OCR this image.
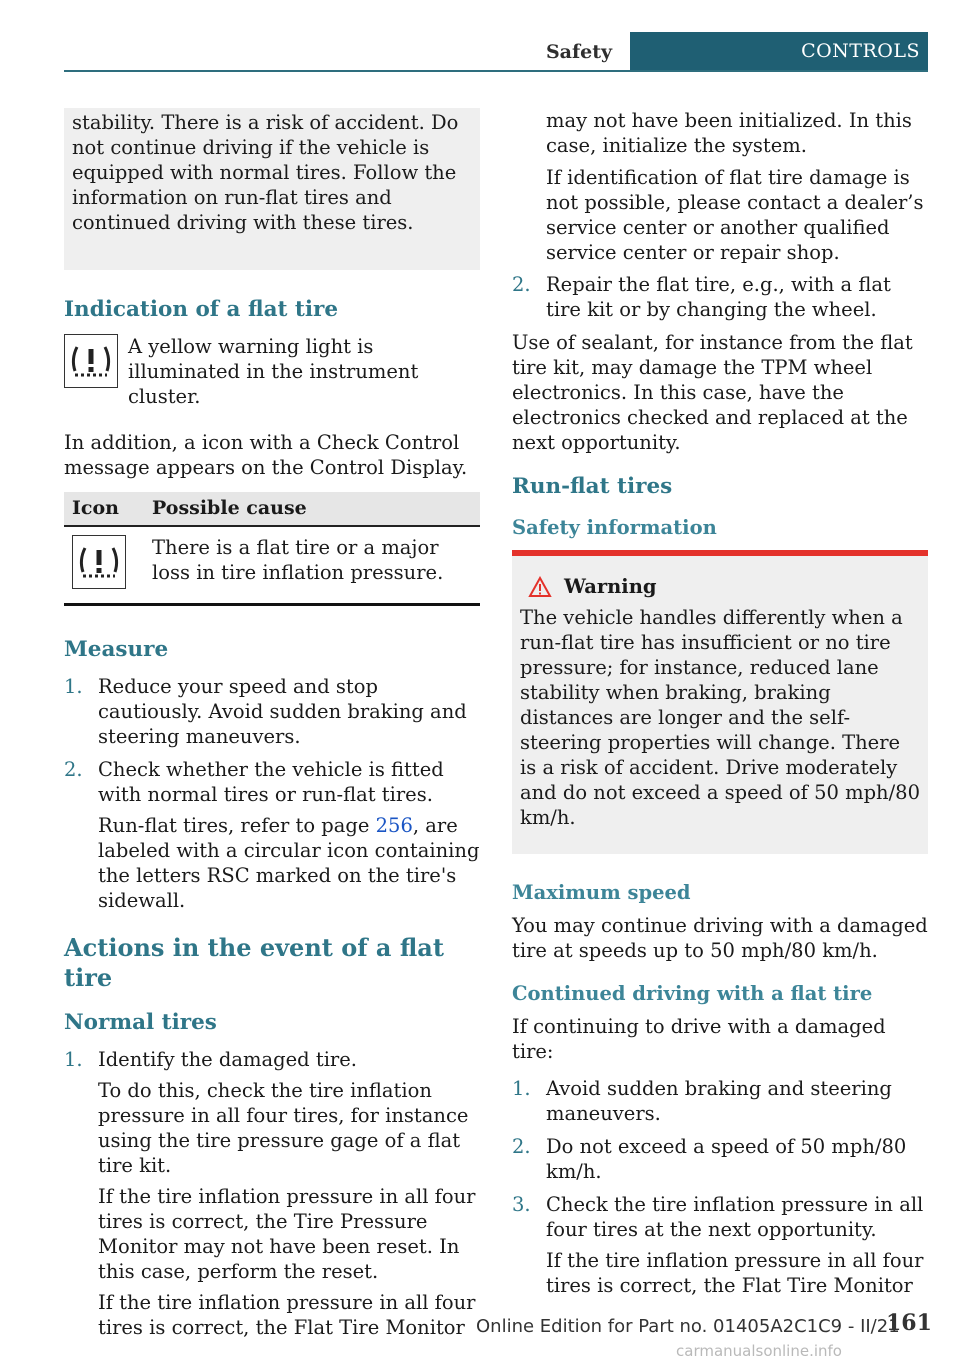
Safety	CONTROLS

stability. There is a risk of accident. Do not continue driving if the vehicle is equipped with normal tires. Follow the information on run-flat tires and continued driving with these tires.

Indication of a flat tire

A yellow warning light is illuminated in the instrument cluster.

In addition, a icon with a Check Control message appears on the Control Display.

Icon	Possible cause

	There is a flat tire or a major loss in tire inflation pressure.
Measure
1. Reduce your speed and stop cautiously. Avoid sudden braking and steering maneuvers.
2. Check whether the vehicle is fitted with normal tires or run-flat tires.
Run-flat tires, refer to page 256, are labeled with a circular icon containing the letters RSC marked on the tire's sidewall.
Actions in the event of a flat tire
Normal tires
1. Identify the damaged tire.
To do this, check the tire inflation pressure in all four tires, for instance using the tire pressure gage of a flat tire kit.
If the tire inflation pressure in all four tires is correct, the Tire Pressure Monitor may not have been reset. In this case, perform the reset.
If the tire inflation pressure in all four tires is correct, the Flat Tire Monitor

may not have been initialized. In this case, initialize the system.

If identification of flat tire damage is not possible, please contact a dealer’s service center or another qualified service center or repair shop.

2. Repair the flat tire, e.g., with a flat tire kit or by changing the wheel.

Use of sealant, for instance from the flat tire kit, may damage the TPM wheel electronics. In this case, have the electronics checked and replaced at the next opportunity.

Run-flat tires
Safety information
Warning

The vehicle handles differently when a run-flat tire has insufficient or no tire pressure; for instance, reduced lane stability when braking, braking distances are longer and the self-steering properties will change. There is a risk of accident. Drive moderately and do not exceed a speed of 50 mph/80 km/h.

Maximum speed

You may continue driving with a damaged tire at speeds up to 50 mph/80 km/h.

Continued driving with a flat tire

If continuing to drive with a damaged tire:

1. Avoid sudden braking and steering maneuvers.
2. Do not exceed a speed of 50 mph/80 km/h.
3. Check the tire inflation pressure in all four tires at the next opportunity.
If the tire inflation pressure in all four tires is correct, the Flat Tire Monitor
Online Edition for Part no. 01405A2C1C9 - II/21
161
carmanualsonline.info
